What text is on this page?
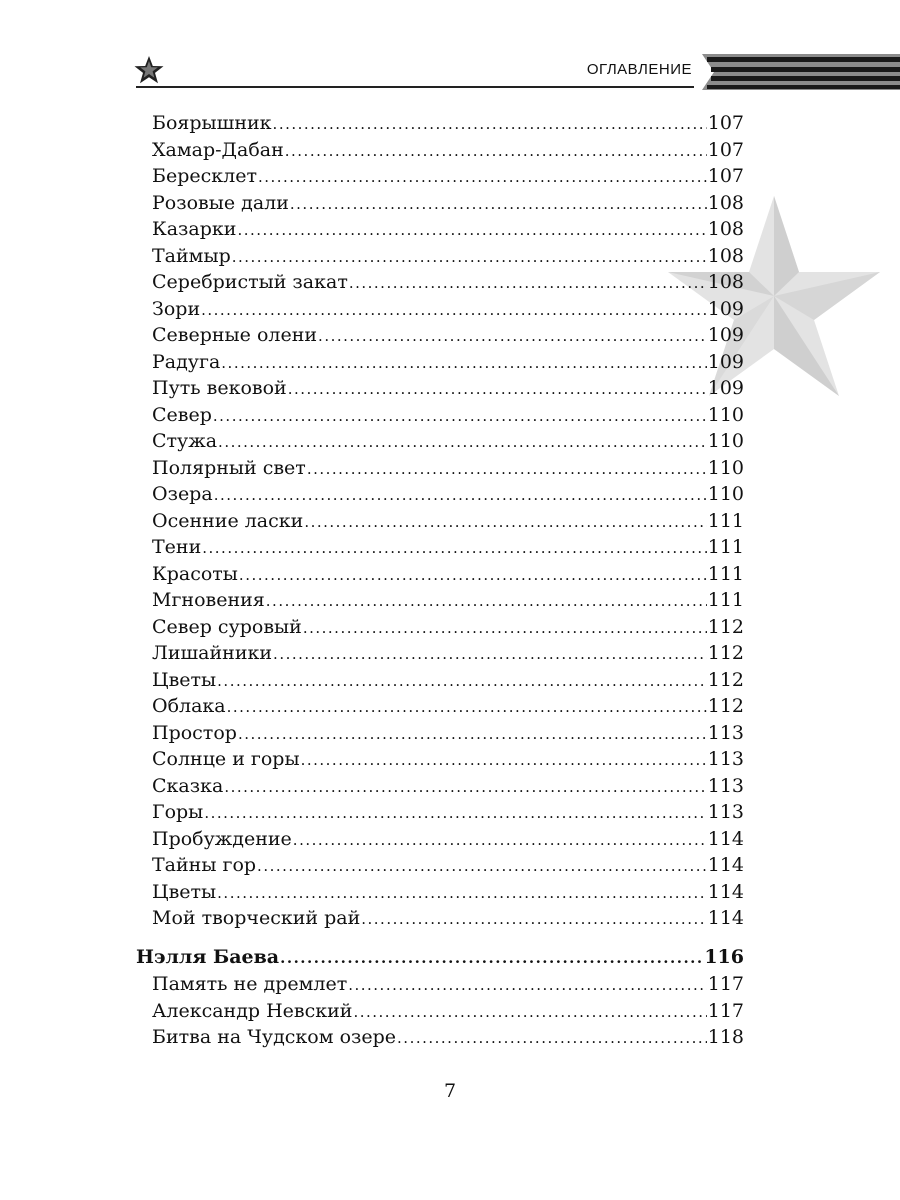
ОГЛАВЛЕНИЕ
Боярышник .....	107
Хамар-Дабан .....	107
Бересклет .....	107
Розовые дали .....	108
Казарки .....	108
Таймыр .....	108
Серебристый закат .....	108
Зори .....	109
Северные олени .....	109
Радуга .....	109
Путь вековой .....	109
Север .....	110
Стужа .....	110
Полярный свет .....	110
Озера .....	110
Осенние ласки .....	111
Тени .....	111
Красоты .....	111
Мгновения .....	111
Север суровый .....	112
Лишайники .....	112
Цветы .....	112
Облака .....	112
Простор .....	113
Солнце и горы .....	113
Сказка .....	113
Горы .....	113
Пробуждение .....	114
Тайны гор .....	114
Цветы .....	114
Мой творческий рай .....	114
Нэлля Баева .....	116
Память не дремлет .....	117
Александр Невский .....	117
Битва на Чудском озере .....	118
7
